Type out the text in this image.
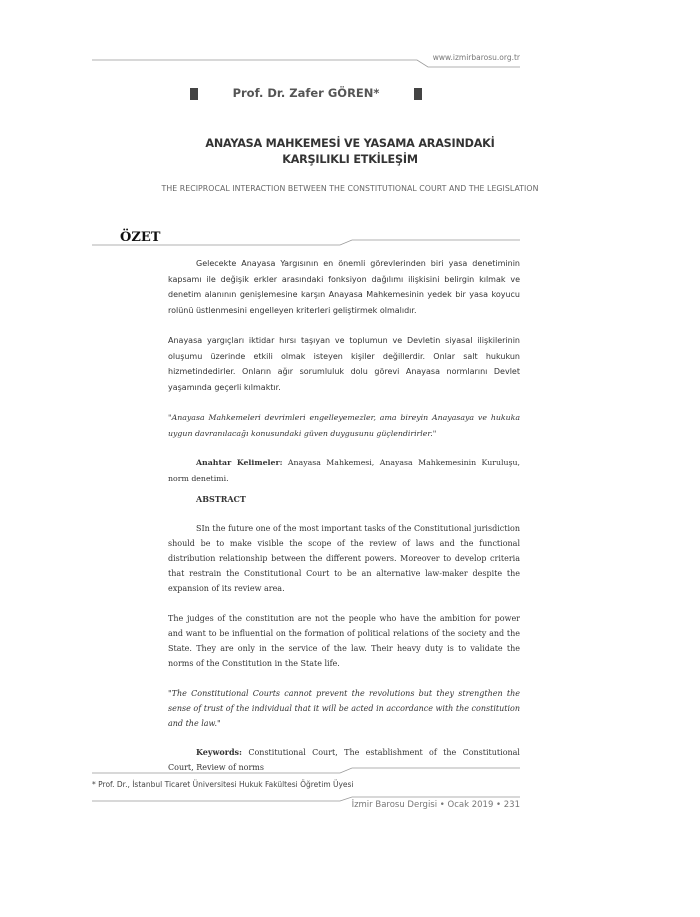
www.izmirbarosu.org.tr
Prof. Dr. Zafer GÖREN*
ANAYASA MAHKEMESİ VE YASAMA ARASINDAKİ
KARŞILIKLI ETKİLEŞİM
THE RECIPROCAL INTERACTION BETWEEN THE CONSTITUTIONAL COURT AND THE LEGISLATION
ÖZET

Gelecekte Anayasa Yargısının en önemli görevlerinden biri yasa denetiminin kapsamı ile değişik erkler arasındaki fonksiyon dağılımı ilişkisini belirgin kılmak ve denetim alanının genişlemesine karşın Anayasa Mahkemesinin yedek bir yasa koyucu rolünü üstlenmesini engelleyen kriterleri geliştirmek olmalıdır.

Anayasa yargıçları iktidar hırsı taşıyan ve toplumun ve Devletin siyasal ilişkilerinin oluşumu üzerinde etkili olmak isteyen kişiler değillerdir. Onlar salt hukukun hizmetindedirler. Onların ağır sorumluluk dolu görevi Anayasa normlarını Devlet yaşamında geçerli kılmaktır.

"Anayasa Mahkemeleri devrimleri engelleyemezler, ama bireyin Anayasaya ve hukuka uygun davranılacağı konusundaki güven duygusunu güçlendirirler."

Anahtar Kelimeler: Anayasa Mahkemesi, Anayasa Mahkemesinin Kuruluşu, norm denetimi.

ABSTRACT

SIn the future one of the most important tasks of the Constitutional jurisdiction should be to make visible the scope of the review of laws and the functional distribution relationship between the different powers. Moreover to develop criteria that restrain the Constitutional Court to be an alternative law-maker despite the expansion of its review area.

The judges of the constitution are not the people who have the ambition for power and want to be influential on the formation of political relations of the society and the State. They are only in the service of the law. Their heavy duty is to validate the norms of the Constitution in the State life.

"The Constitutional Courts cannot prevent the revolutions but they strengthen the sense of trust of the individual that it will be acted in accordance with the constitution and the law."

Keywords: Constitutional Court, The establishment of the Constitutional Court, Review of norms

* Prof. Dr., İstanbul Ticaret Üniversitesi Hukuk Fakültesi Öğretim Üyesi
İzmir Barosu Dergisi • Ocak 2019 • 231
